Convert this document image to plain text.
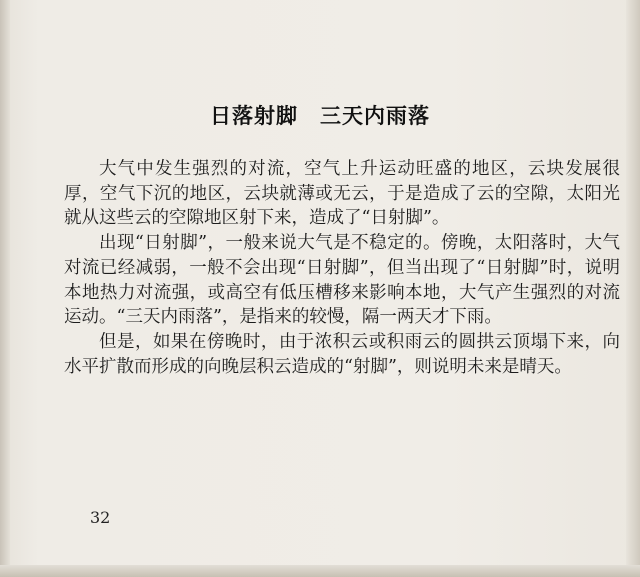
日落射脚　三天内雨落

大气中发生强烈的对流，空气上升运动旺盛的地区，云块发展很厚，空气下沉的地区，云块就薄或无云，于是造成了云的空隙，太阳光就从这些云的空隙地区射下来，造成了“日射脚”。

出现“日射脚”，一般来说大气是不稳定的。傍晚，太阳落时，大气对流已经减弱，一般不会出现“日射脚”，但当出现了“日射脚”时，说明本地热力对流强，或高空有低压槽移来影响本地，大气产生强烈的对流运动。“三天内雨落”，是指来的较慢，隔一两天才下雨。

但是，如果在傍晚时，由于浓积云或积雨云的圆拱云顶塌下来，向水平扩散而形成的向晚层积云造成的“射脚”，则说明未来是晴天。

32
